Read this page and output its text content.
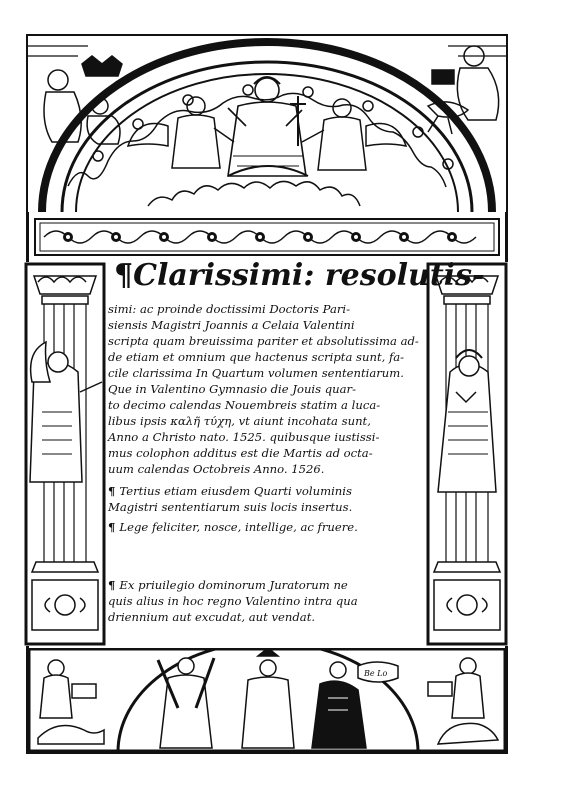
Be Lo
¶Clarissimi: resolutis-
simi: ac proinde doctissimi Doctoris Pari-
siensis Magistri Joannis a Celaia Valentini
scripta quam breuissima pariter et absolutissima ad-
de etiam et omnium que hactenus scripta sunt, fa-
cile clarissima In Quartum volumen sententiarum.
Que in Valentino Gymnasio die Jouis quar-
to decimo calendas Nouembreis statim a luca-
libus ipsis καλῆ τύχη, vt aiunt incohata sunt,
Anno a Christo nato. 1525. quibusque iustissi-
mus colophon additus est die Martis ad octa-
uum calendas Octobreis Anno. 1526.
¶ Tertius etiam eiusdem Quarti voluminis
Magistri sententiarum suis locis insertus.
¶ Lege feliciter, nosce, intellige, ac fruere.
¶ Ex priuilegio dominorum Juratorum ne
quis alius in hoc regno Valentino intra qua
driennium aut excudat, aut vendat.
